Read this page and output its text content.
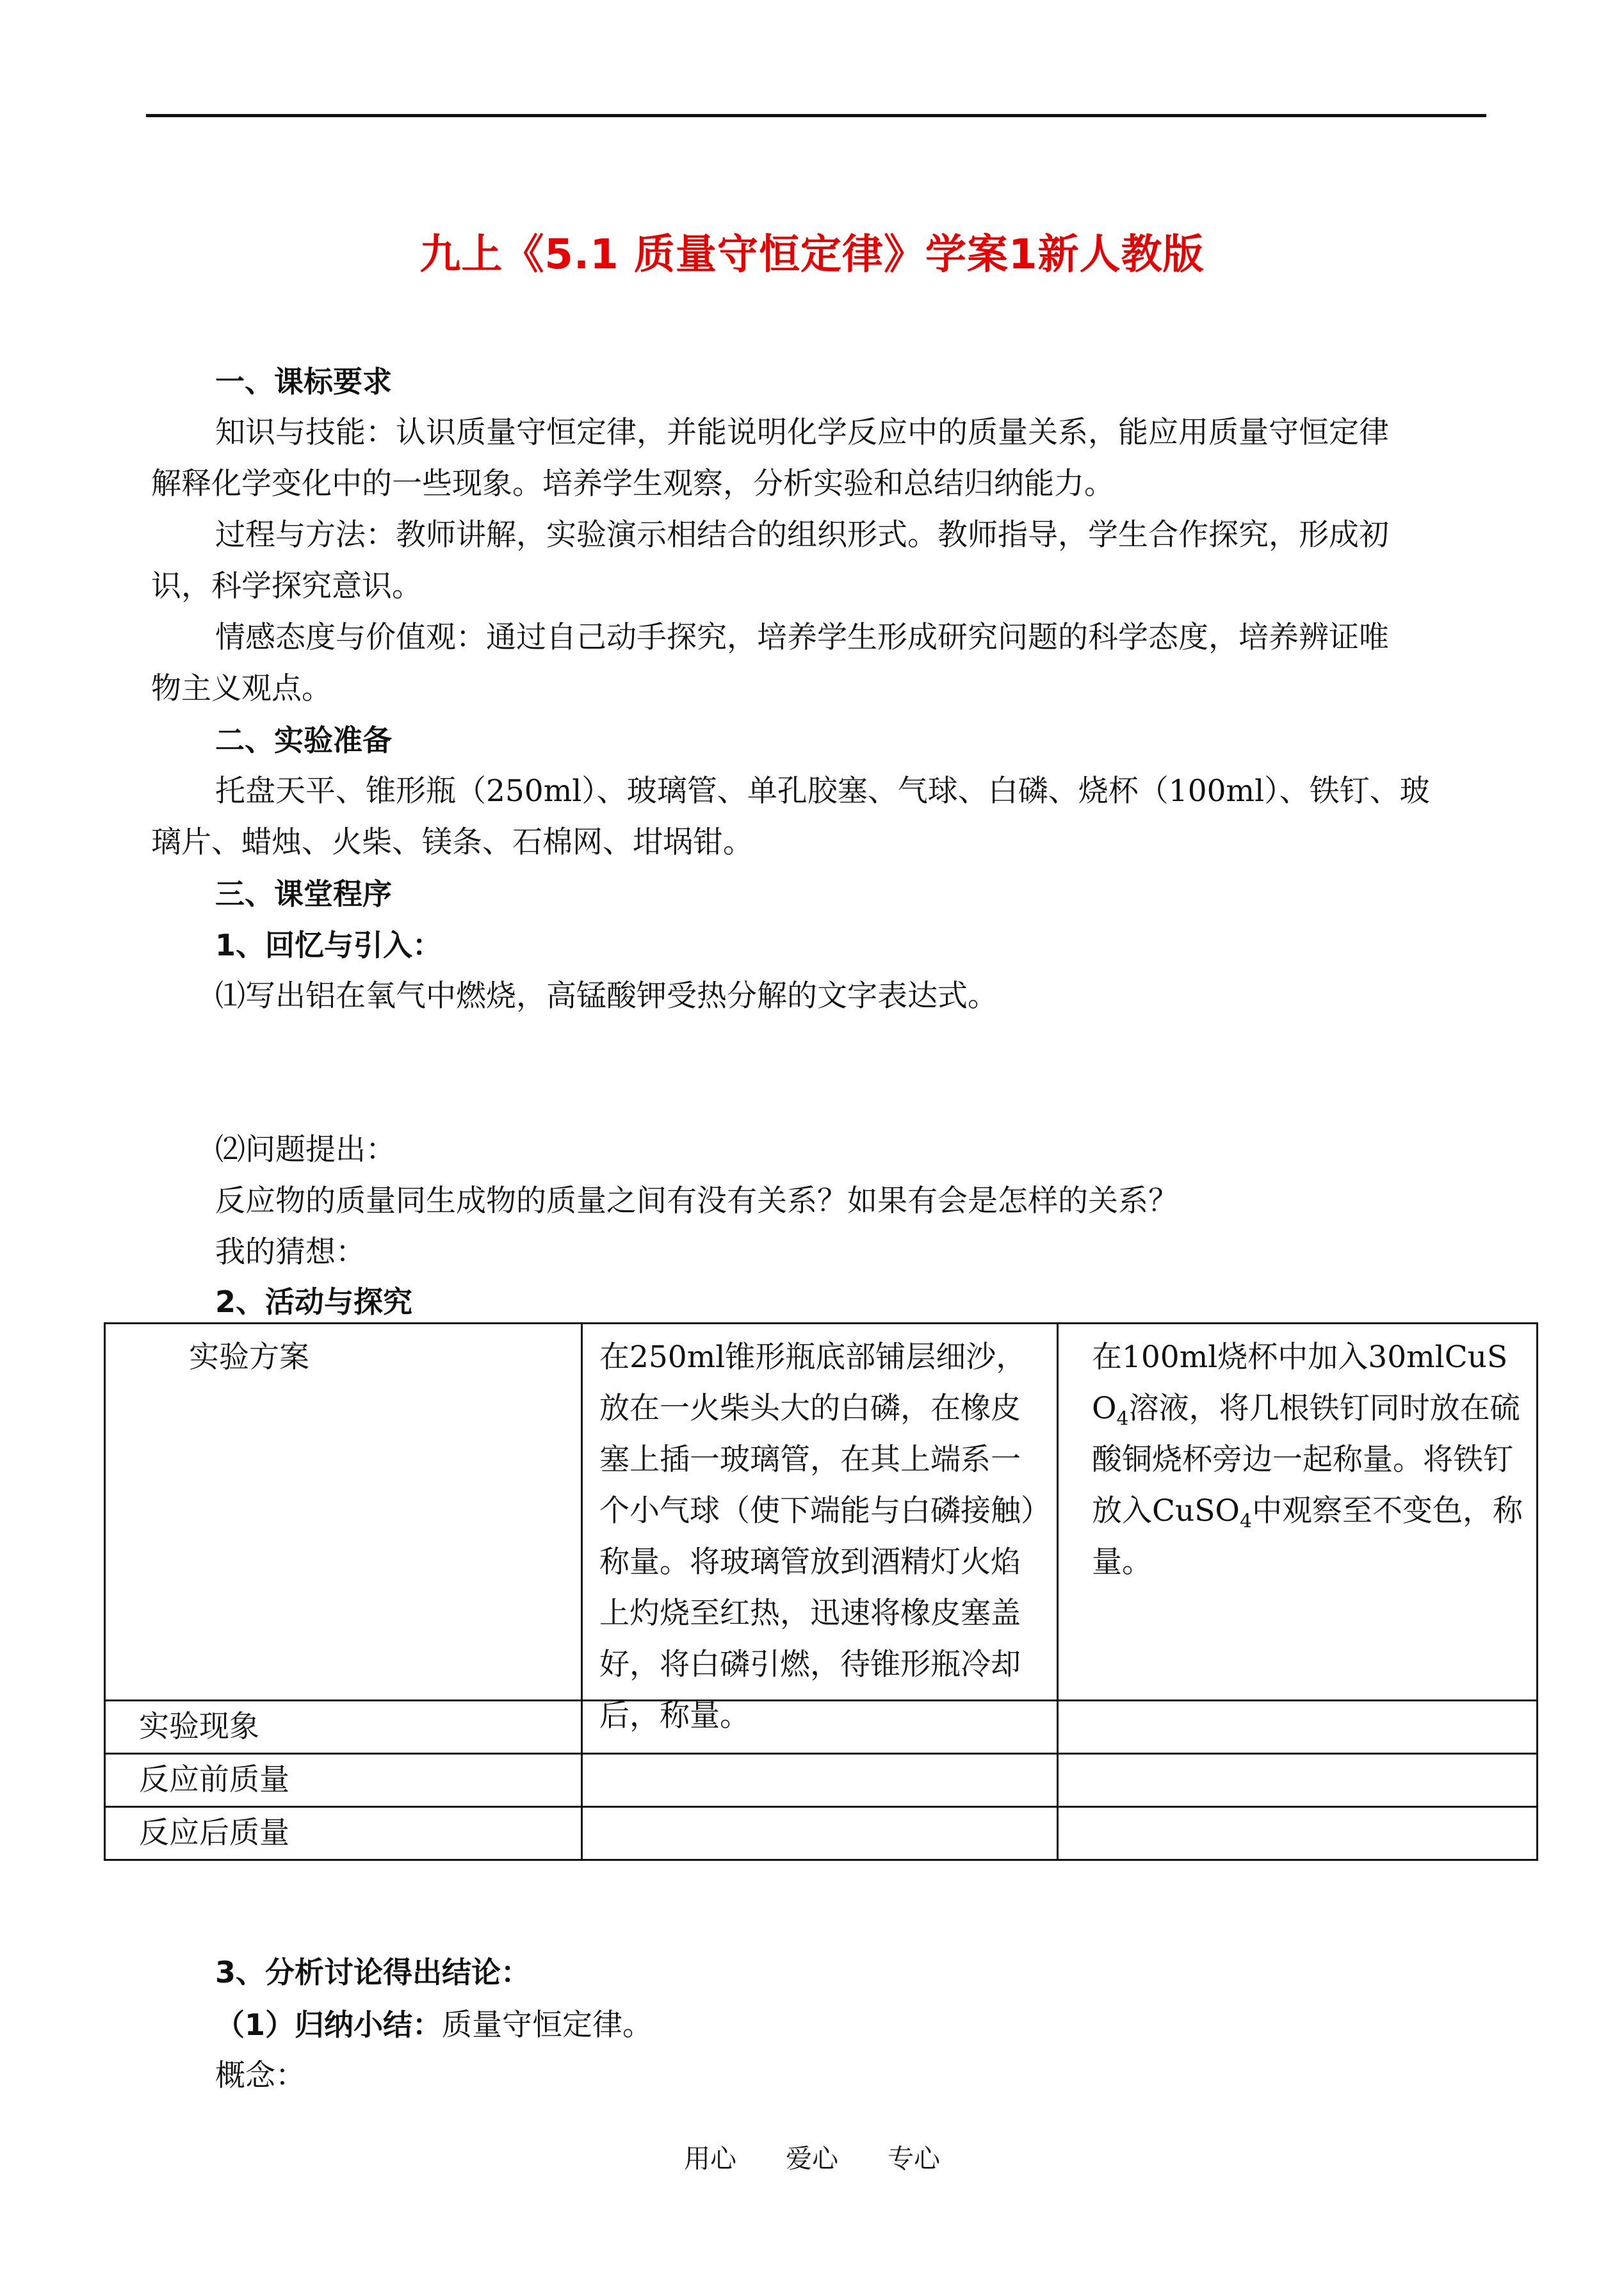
九上《5.1 质量守恒定律》学案1新人教版
一、课标要求
知识与技能：认识质量守恒定律，并能说明化学反应中的质量关系，能应用质量守恒定律
解释化学变化中的一些现象。培养学生观察，分析实验和总结归纳能力。
过程与方法：教师讲解，实验演示相结合的组织形式。教师指导，学生合作探究，形成初
识，科学探究意识。
情感态度与价值观：通过自己动手探究，培养学生形成研究问题的科学态度，培养辨证唯
物主义观点。
二、实验准备
托盘天平、锥形瓶（250ml）、玻璃管、单孔胶塞、气球、白磷、烧杯（100ml）、铁钉、玻
璃片、蜡烛、火柴、镁条、石棉网、坩埚钳。
三、课堂程序
1、回忆与引入：
⑴写出铝在氧气中燃烧，高锰酸钾受热分解的文字表达式。
⑵问题提出：
反应物的质量同生成物的质量之间有没有关系？如果有会是怎样的关系？
我的猜想：
2、活动与探究
实验方案	在250ml锥形瓶底部铺层细沙，放在一火柴头大的白磷，在橡皮塞上插一玻璃管，在其上端系一个小气球（使下端能与白磷接触）称量。将玻璃管放到酒精灯火焰上灼烧至红热，迅速将橡皮塞盖好，将白磷引燃，待锥形瓶冷却后，称量。	在100ml烧杯中加入30mlCuSO$_4$溶液，将几根铁钉同时放在硫酸铜烧杯旁边一起称量。将铁钉放入CuSO$_4$中观察至不变色，称量。

实验现象		

反应前质量		

反应后质量		

3、分析讨论得出结论：
（1）归纳小结：质量守恒定律。
概念：
用心 爱心 专心
